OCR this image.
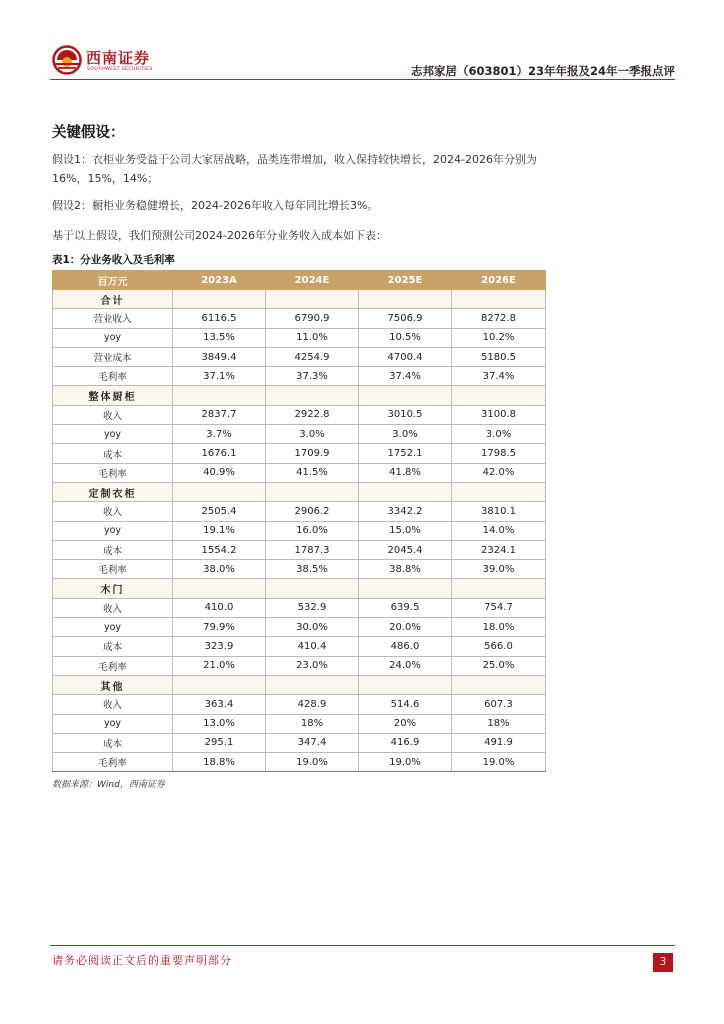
西南证券
SOUTHWEST SECURITIES	志邦家居（603801）23年年报及24年一季报点评
关键假设：
假设1：衣柜业务受益于公司大家居战略，品类连带增加，收入保持较快增长，2024-2026年分别为16%，15%，14%；
假设2：橱柜业务稳健增长，2024-2026年收入每年同比增长3%。
基于以上假设，我们预测公司2024-2026年分业务收入成本如下表：
表1：分业务收入及毛利率
百万元	2023A	2024E	2025E	2026E
合计				
营业收入	6116.5	6790.9	7506.9	8272.8
yoy	13.5%	11.0%	10.5%	10.2%
营业成本	3849.4	4254.9	4700.4	5180.5
毛利率	37.1%	37.3%	37.4%	37.4%
整体厨柜				
收入	2837.7	2922.8	3010.5	3100.8
yoy	3.7%	3.0%	3.0%	3.0%
成本	1676.1	1709.9	1752.1	1798.5
毛利率	40.9%	41.5%	41.8%	42.0%
定制衣柜				
收入	2505.4	2906.2	3342.2	3810.1
yoy	19.1%	16.0%	15.0%	14.0%
成本	1554.2	1787.3	2045.4	2324.1
毛利率	38.0%	38.5%	38.8%	39.0%
木门				
收入	410.0	532.9	639.5	754.7
yoy	79.9%	30.0%	20.0%	18.0%
成本	323.9	410.4	486.0	566.0
毛利率	21.0%	23.0%	24.0%	25.0%
其他				
收入	363.4	428.9	514.6	607.3
yoy	13.0%	18%	20%	18%
成本	295.1	347.4	416.9	491.9
毛利率	18.8%	19.0%	19.0%	19.0%
数据来源：Wind，西南证券
请务必阅读正文后的重要声明部分	3
